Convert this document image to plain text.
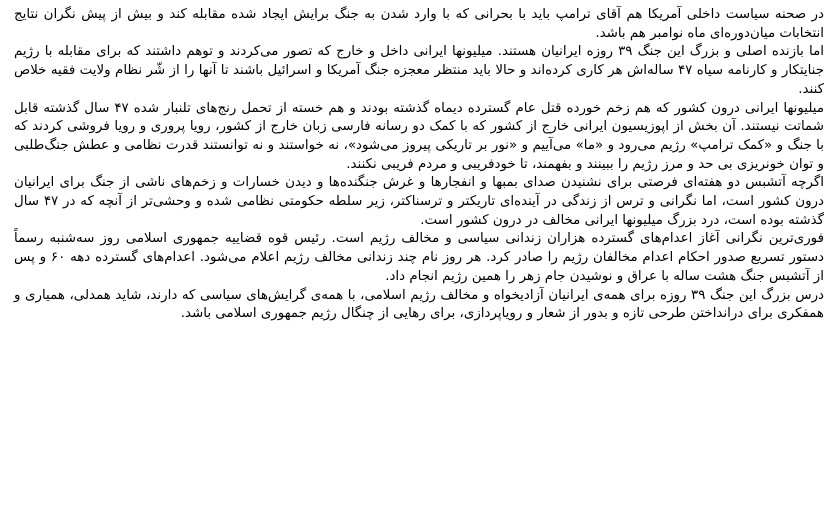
در صحنه سیاست داخلی آمریکا هم آقای ترامپ باید با بحرانی که با وارد شدن به جنگ برایش ایجاد شده مقابله کند و بیش از پیش نگران نتایج انتخابات میان‌دوره‌ای ماه نوامبر هم باشد.

اما بازنده اصلی و بزرگ این جنگ ۳۹ روزه ایرانیان هستند. میلیونها ایرانی داخل و خارج که تصور می‌کردند و توهم داشتند که برای مقابله با رژیم جنایتکار و کارنامه سیاه ۴۷ ساله‌اش هر کاری کرده‌اند و حالا باید منتظر معجزه جنگ آمریکا و اسرائیل باشند تا آنها را از شّر نظام ولایت فقیه خلاص کنند.

میلیونها ایرانی درون کشور که هم زخم خورده قتل عام گسترده دیماه گذشته بودند و هم خسته از تحمل رنج‌های تلنبار شده ۴۷ سال گذشته قابل شماتت نیستند. آن بخش از اپوزیسیون ایرانی خارج از کشور که با کمک دو رسانه فارسی زبان خارج از کشور، رویا پروری و رویا فروشی کردند که با جنگ و «کمک ترامپ» رژیم می‌رود و «ما» می‌آییم و «نور بر تاریکی پیروز می‌شود»، نه خواستند و نه توانستند قدرت نظامی و عطش جنگ‌طلبی و توان خونریزی بی حد و مرز رژیم را ببینند و بفهمند، تا خودفریبی و مردم فریبی نکنند.

اگرچه آتشبس دو هفته‌ای فرصتی برای نشنیدن صدای بمبها و انفجارها و غرش جنگنده‌ها و دیدن خسارات و زخم‌های ناشی از جنگ برای ایرانیان درون کشور است، اما نگرانی و ترس از زندگی در آینده‌ای تاریکتر و ترسناکتر، زیر سلطه حکومتی نظامی شده و وحشی‌تر از آنچه که در ۴۷ سال گذشته بوده است، درد بزرگ میلیونها ایرانی مخالف در درون کشور است.

فوری‌ترین نگرانی آغاز اعدام‌های گسترده هزاران زندانی سیاسی و مخالف رژیم است. رئیس قوه قضاییه جمهوری اسلامی روز سه‌شنبه رسماً دستور تسریع صدور احکام اعدام مخالفان رژیم را صادر کرد. هر روز نام چند زندانی مخالف رژیم اعلام می‌شود. اعدام‌های گسترده دهه ۶۰ و پس از آتشبس جنگ هشت ساله با عراق و نوشیدن جام زهر را همین رژیم انجام داد.

درس بزرگ این جنگ ۳۹ روزه برای همه‌ی ایرانیان آزادیخواه و مخالف رژیم اسلامی، با همه‌ی گرایش‌های سیاسی که دارند، شاید همدلی، همیاری و همفکری برای درانداختن طرحی تازه و بدور از شعار و رویاپردازی، برای رهایی از چنگال رژیم جمهوری اسلامی باشد.
